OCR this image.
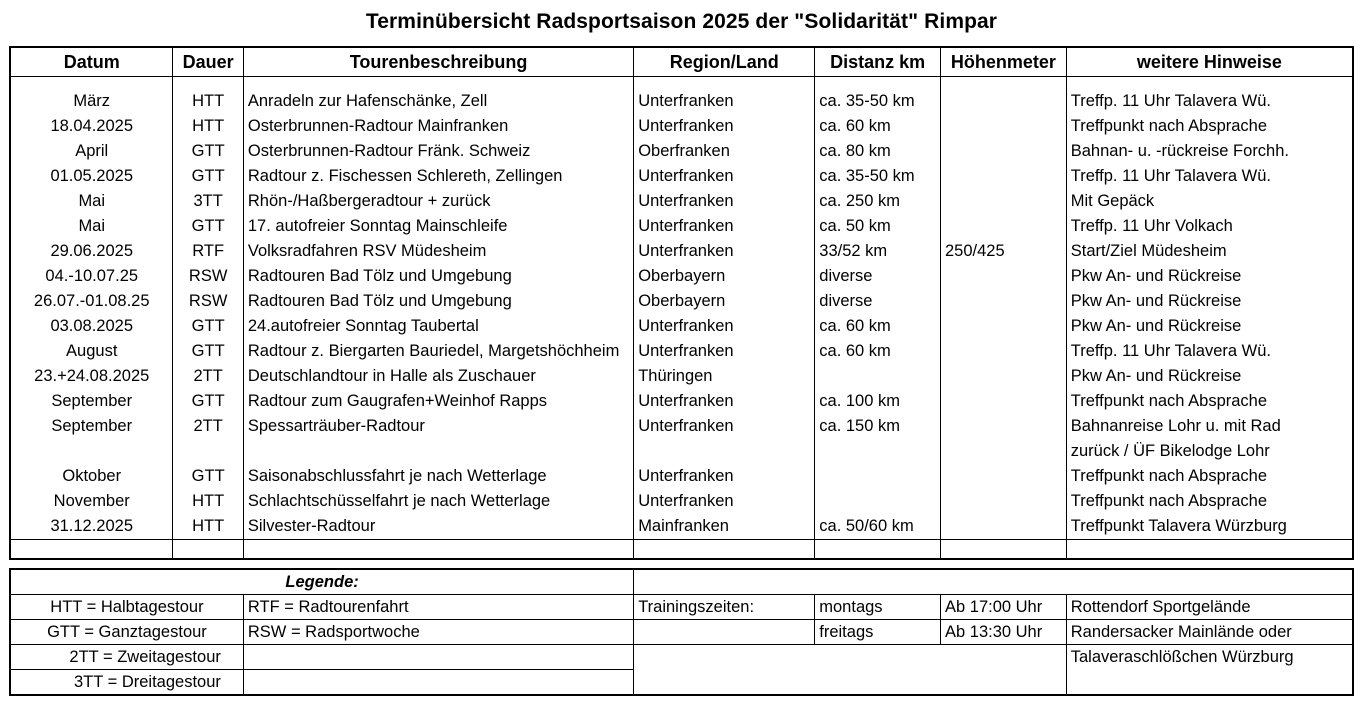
Terminübersicht Radsportsaison 2025 der "Solidarität" Rimpar
Datum	Dauer	Tourenbeschreibung	Region/Land	Distanz km	Höhenmeter	weitere Hinweise

März	HTT	Anradeln zur Hafenschänke, Zell	Unterfranken	ca. 35-50 km		Treffp. 11 Uhr Talavera Wü.
18.04.2025	HTT	Osterbrunnen-Radtour Mainfranken	Unterfranken	ca. 60 km		Treffpunkt nach Absprache
April	GTT	Osterbrunnen-Radtour Fränk. Schweiz	Oberfranken	ca. 80 km		Bahnan- u. -rückreise Forchh.
01.05.2025	GTT	Radtour z. Fischessen Schlereth, Zellingen	Unterfranken	ca. 35-50 km		Treffp. 11 Uhr Talavera Wü.
Mai	3TT	Rhön-/Haßbergeradtour + zurück	Unterfranken	ca. 250 km		Mit Gepäck
Mai	GTT	17. autofreier Sonntag Mainschleife	Unterfranken	ca. 50 km		Treffp. 11 Uhr Volkach
29.06.2025	RTF	Volksradfahren RSV Müdesheim	Unterfranken	33/52 km	250/425	Start/Ziel Müdesheim
04.-10.07.25	RSW	Radtouren Bad Tölz und Umgebung	Oberbayern	diverse		Pkw An- und Rückreise
26.07.-01.08.25	RSW	Radtouren Bad Tölz und Umgebung	Oberbayern	diverse		Pkw An- und Rückreise
03.08.2025	GTT	24.autofreier Sonntag Taubertal	Unterfranken	ca. 60 km		Pkw An- und Rückreise
August	GTT	Radtour z. Biergarten Bauriedel, Margetshöchheim	Unterfranken	ca. 60 km		Treffp. 11 Uhr Talavera Wü.
23.+24.08.2025	2TT	Deutschlandtour in Halle als Zuschauer	Thüringen			Pkw An- und Rückreise
September	GTT	Radtour zum Gaugrafen+Weinhof Rapps	Unterfranken	ca. 100 km		Treffpunkt nach Absprache
September	2TT	Spessarträuber-Radtour	Unterfranken	ca. 150 km		Bahnanreise Lohr u. mit Rad
						zurück / ÜF Bikelodge Lohr
Oktober	GTT	Saisonabschlussfahrt je nach Wetterlage	Unterfranken			Treffpunkt nach Absprache
November	HTT	Schlachtschüsselfahrt je nach Wetterlage	Unterfranken			Treffpunkt nach Absprache
31.12.2025	HTT	Silvester-Radtour	Mainfranken	ca. 50/60 km		Treffpunkt Talavera Würzburg

Legende:					
HTT = Halbtagestour	RTF = Radtourenfahrt	Trainingszeiten:	montags	Ab 17:00 Uhr	Rottendorf Sportgelände
GTT = Ganztagestour	RSW = Radsportwoche		freitags	Ab 13:30 Uhr	Randersacker Mainlände oder
2TT = Zweitagestour					Talaveraschlößchen Würzburg
3TT = Dreitagestour					
